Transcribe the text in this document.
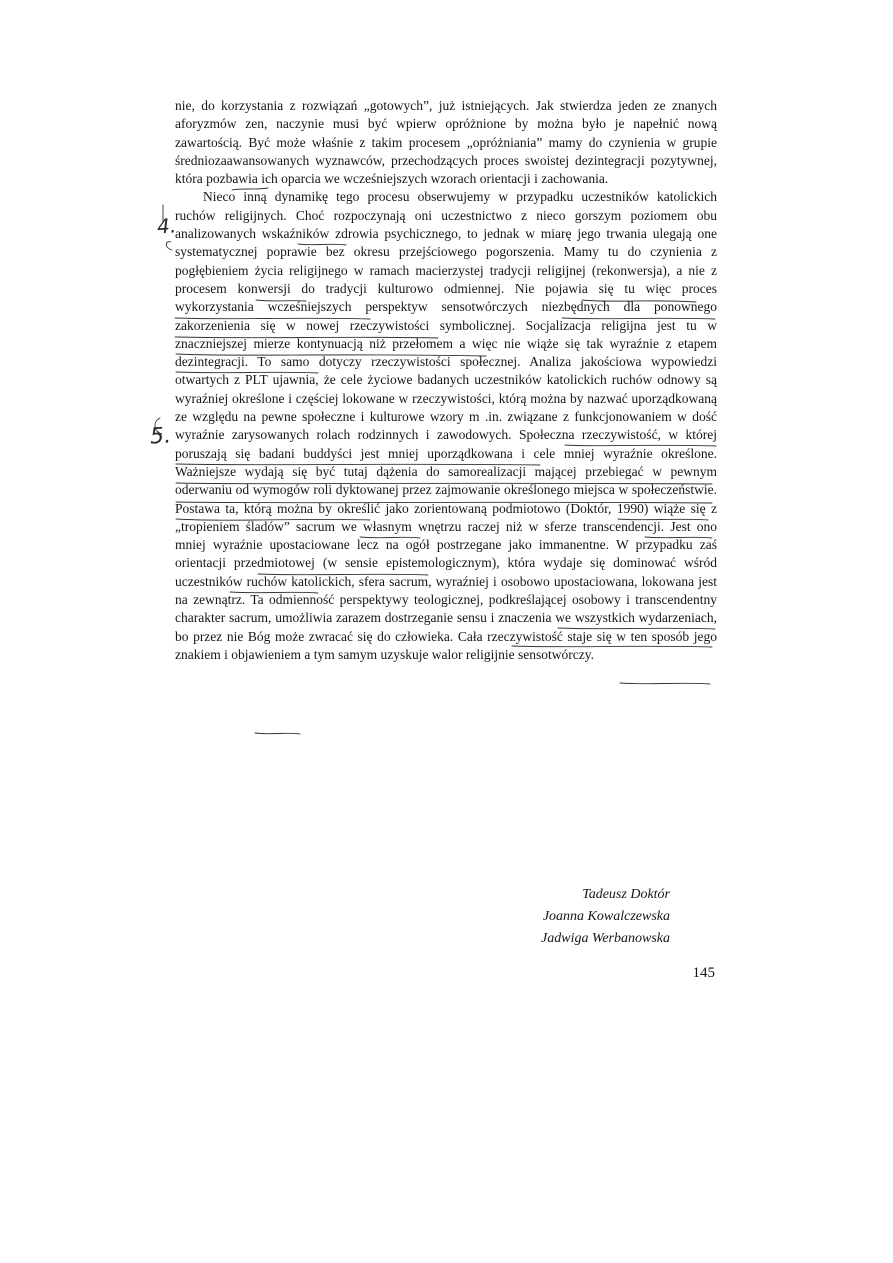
nie, do korzystania z rozwiązań „gotowych”, już istniejących. Jak stwierdza jeden ze znanych aforyzmów zen, naczynie musi być wpierw opróżnione by można było je napełnić nową zawartością. Być może właśnie z takim procesem „opróżniania” mamy do czynienia w grupie średniozaawansowanych wyznawców, przechodzących proces swoistej dezintegracji pozytywnej, która pozbawia ich oparcia we wcześniejszych wzorach orientacji i zachowania.

Nieco inną dynamikę tego procesu obserwujemy w przypadku uczestników katolickich ruchów religijnych. Choć rozpoczynają oni uczestnictwo z nieco gorszym poziomem obu analizowanych wskaźników zdrowia psychicznego, to jednak w miarę jego trwania ulegają one systematycznej poprawie bez okresu przejściowego pogorszenia. Mamy tu do czynienia z pogłębieniem życia religijnego w ramach macierzystej tradycji religijnej (rekonwersja), a nie z procesem konwersji do tradycji kulturowo odmiennej. Nie pojawia się tu więc proces wykorzystania wcześniejszych perspektyw sensotwórczych niezbędnych dla ponownego zakorzenienia się w nowej rzeczywistości symbolicznej. Socjalizacja religijna jest tu w znaczniejszej mierze kontynuacją niż przełomem a więc nie wiąże się tak wyraźnie z etapem dezintegracji. To samo dotyczy rzeczywistości społecznej. Analiza jakościowa wypowiedzi otwartych z PLT ujawnia, że cele życiowe badanych uczestników katolickich ruchów odnowy są wyraźniej określone i częściej lokowane w rzeczywistości, którą można by nazwać uporządkowaną ze względu na pewne społeczne i kulturowe wzory m .in. związane z funkcjonowaniem w dość wyraźnie zarysowanych rolach rodzinnych i zawodowych. Społeczna rzeczywistość, w której poruszają się badani buddyści jest mniej uporządkowana i cele mniej wyraźnie określone. Ważniejsze wydają się być tutaj dążenia do samorealizacji mającej przebiegać w pewnym oderwaniu od wymogów roli dyktowanej przez zajmowanie określonego miejsca w społeczeństwie. Postawa ta, którą można by określić jako zorientowaną podmiotowo (Doktór, 1990) wiąże się z „tropieniem śladów” sacrum we własnym wnętrzu raczej niż w sferze transcendencji. Jest ono mniej wyraźnie upostaciowane lecz na ogół postrzegane jako immanentne. W przypadku zaś orientacji przedmiotowej (w sensie epistemologicznym), która wydaje się dominować wśród uczestników ruchów katolickich, sfera sacrum, wyraźniej i osobowo upostaciowana, lokowana jest na zewnątrz. Ta odmienność perspektywy teologicznej, podkreślającej osobowy i transcendentny charakter sacrum, umożliwia zarazem dostrzeganie sensu i znaczenia we wszystkich wydarzeniach, bo przez nie Bóg może zwracać się do człowieka. Cała rzeczywistość staje się w ten sposób jego znakiem i objawieniem a tym samym uzyskuje walor religijnie sensotwórczy.

Tadeusz Doktór
Joanna Kowalczewska
Jadwiga Werbanowska
145
4.
5.
